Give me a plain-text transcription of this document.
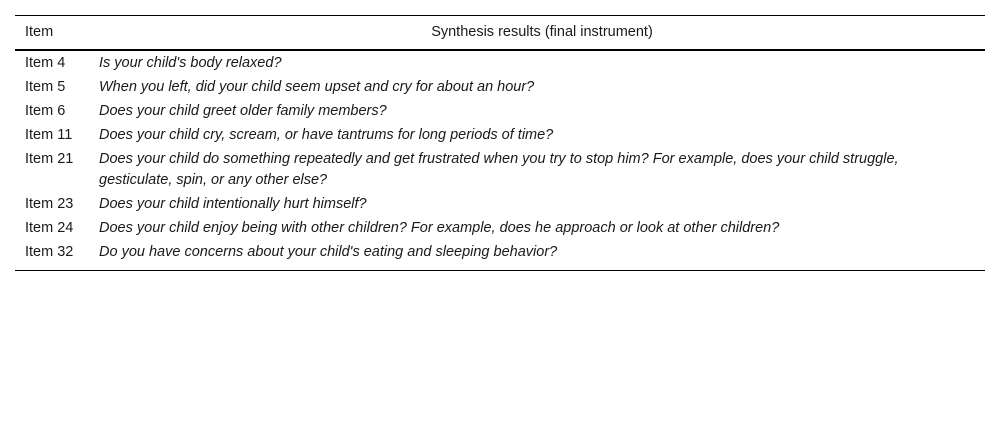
Item	Synthesis results (final instrument)
Item 4	Is your child's body relaxed?
Item 5	When you left, did your child seem upset and cry for about an hour?
Item 6	Does your child greet older family members?
Item 11	Does your child cry, scream, or have tantrums for long periods of time?
Item 21	Does your child do something repeatedly and get frustrated when you try to stop him? For example, does your child struggle, gesticulate, spin, or any other else?
Item 23	Does your child intentionally hurt himself?
Item 24	Does your child enjoy being with other children? For example, does he approach or look at other children?
Item 32	Do you have concerns about your child's eating and sleeping behavior?
